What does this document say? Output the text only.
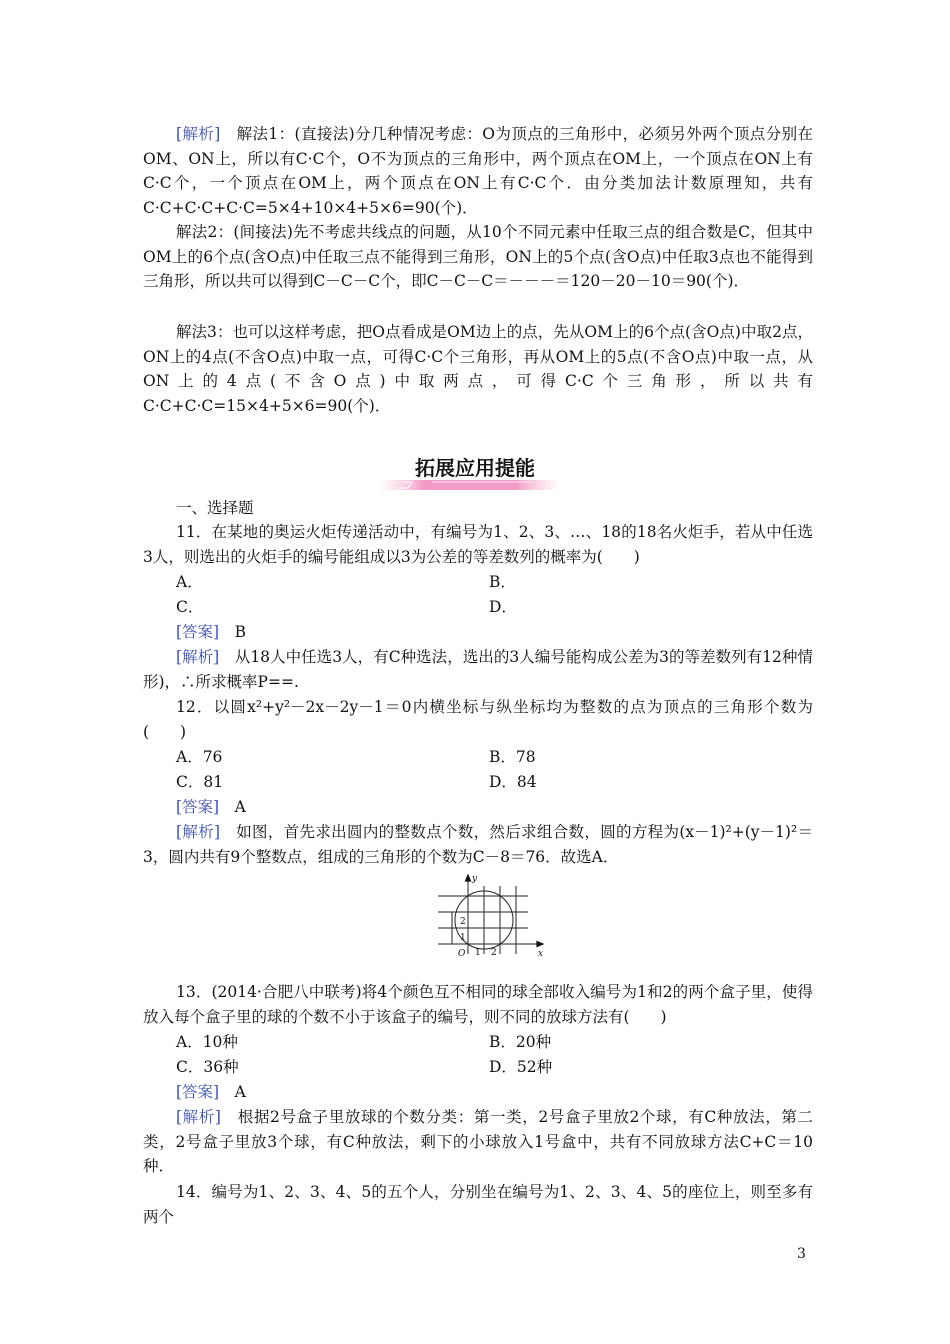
[解析]　 解法1：(直接法)分几种情况考虑：O为顶点的三角形中，必须另外两个顶点分别在OM、ON上，所以有C·C个，O不为顶点的三角形中，两个顶点在OM上，一个顶点在ON上有C·C个，一个顶点在OM上，两个顶点在ON上有C·C个．由分类加法计数原理知，共有C·C+C·C+C·C=5×4+10×4+5×6=90(个)．

解法2：(间接法)先不考虑共线点的问题，从10个不同元素中任取三点的组合数是C，但其中OM上的6个点(含O点)中任取三点不能得到三角形，ON上的5个点(含O点)中任取3点也不能得到三角形，所以共可以得到C－C－C个，即C－C－C＝－－－＝120－20－10＝90(个)．

解法3：也可以这样考虑，把O点看成是OM边上的点，先从OM上的6个点(含O点)中取2点，ON上的4点(不含O点)中取一点，可得C·C个三角形，再从OM上的5点(不含O点)中取一点，从ON上的4点(不含O点)中取两点，可得C·C个三角形，所以共有C·C+C·C=15×4+5×6=90(个)．

拓展应用提能
一、选择题

11．在某地的奥运火炬传递活动中，有编号为1、2、3、…、18的18名火炬手，若从中任选3人，则选出的火炬手的编号能组成以3为公差的等差数列的概率为(　　)

A．	B．
C．	D．
[答案]　 B

[解析]　 从18人中任选3人，有C种选法，选出的3人编号能构成公差为3的等差数列有12种情形)，∴所求概率P==.

12．以圆x²+y²－2x－2y－1＝0内横坐标与纵坐标均为整数的点为顶点的三角形个数为(　　)

A．76	B．78
C．81	D．84
[答案]　 A

[解析]　 如图，首先求出圆内的整数点个数，然后求组合数，圆的方程为(x－1)²+(y－1)²＝3，圆内共有9个整数点，组成的三角形的个数为C－8＝76．故选A．

y
x
O 1 2
1
2

13．(2014·合肥八中联考)将4个颜色互不相同的球全部收入编号为1和2的两个盒子里，使得放入每个盒子里的球的个数不小于该盒子的编号，则不同的放球方法有(　　)

A．10种	B．20种
C．36种	D．52种
[答案]　 A

[解析]　 根据2号盒子里放球的个数分类：第一类，2号盒子里放2个球，有C种放法，第二类，2号盒子里放3个球，有C种放法，剩下的小球放入1号盒中，共有不同放球方法C+C＝10种．

14．编号为1、2、3、4、5的五个人，分别坐在编号为1、2、3、4、5的座位上，则至多有两个

3
